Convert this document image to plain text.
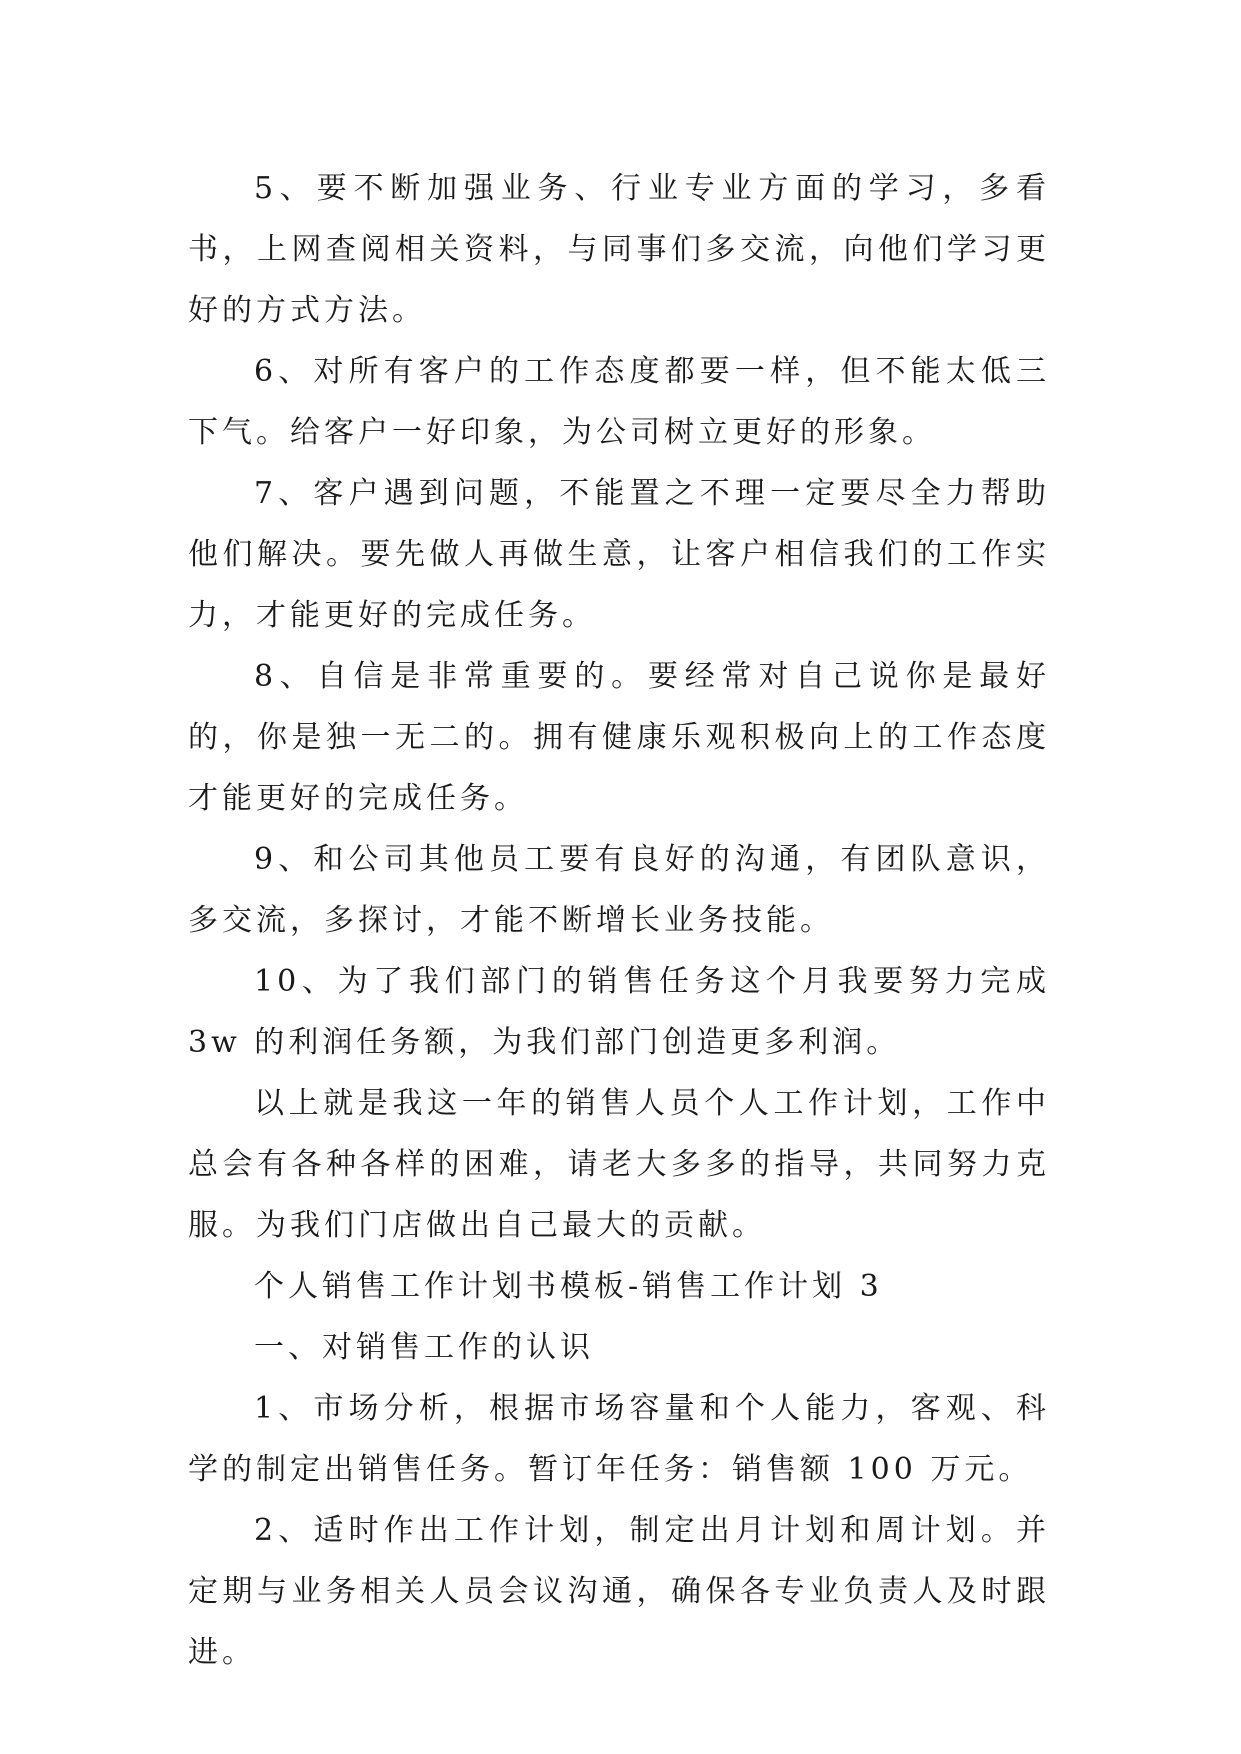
5、要不断加强业务、行业专业方面的学习，多看书，上网查阅相关资料，与同事们多交流，向他们学习更好的方式方法。

6、对所有客户的工作态度都要一样，但不能太低三下气。给客户一好印象，为公司树立更好的形象。

7、客户遇到问题，不能置之不理一定要尽全力帮助他们解决。要先做人再做生意，让客户相信我们的工作实力，才能更好的完成任务。

8、自信是非常重要的。要经常对自己说你是最好的，你是独一无二的。拥有健康乐观积极向上的工作态度才能更好的完成任务。

9、和公司其他员工要有良好的沟通，有团队意识，多交流，多探讨，才能不断增长业务技能。

10、为了我们部门的销售任务这个月我要努力完成 3w 的利润任务额，为我们部门创造更多利润。

以上就是我这一年的销售人员个人工作计划，工作中总会有各种各样的困难，请老大多多的指导，共同努力克服。为我们门店做出自己最大的贡献。

个人销售工作计划书模板-销售工作计划 3

一、对销售工作的认识

1、市场分析，根据市场容量和个人能力，客观、科学的制定出销售任务。暂订年任务：销售额 100 万元。

2、适时作出工作计划，制定出月计划和周计划。并定期与业务相关人员会议沟通，确保各专业负责人及时跟进。
